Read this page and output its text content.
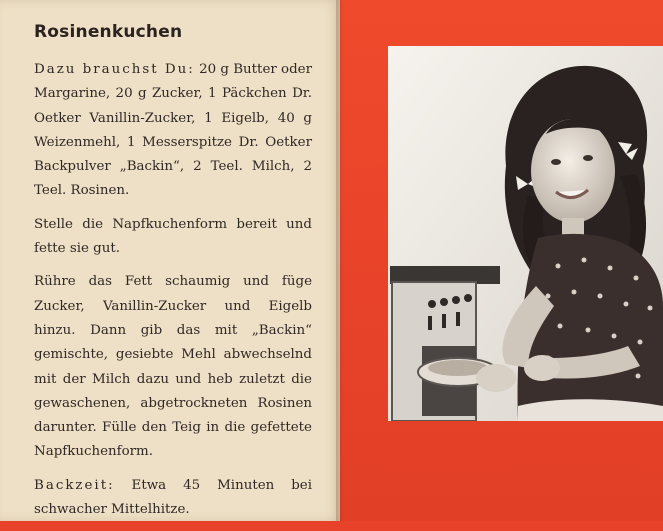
Rosinenkuchen

Dazu brauchst Du: 20 g Butter oder Margarine, 20 g Zucker, 1 Päckchen Dr. Oetker Vanillin-Zucker, 1 Eigelb, 40 g Weizenmehl, 1 Messerspitze Dr. Oetker Backpulver „Backin“, 2 Teel. Milch, 2 Teel. Rosinen.

Stelle die Napfkuchenform bereit und fette sie gut.

Rühre das Fett schaumig und füge Zucker, Vanillin-Zucker und Eigelb hinzu. Dann gib das mit „Backin“ gemischte, gesiebte Mehl abwechselnd mit der Milch dazu und heb zuletzt die gewaschenen, abgetrockneten Rosinen darunter. Fülle den Teig in die gefettete Napfkuchenform.

Backzeit: Etwa 45 Minuten bei schwacher Mittelhitze.
